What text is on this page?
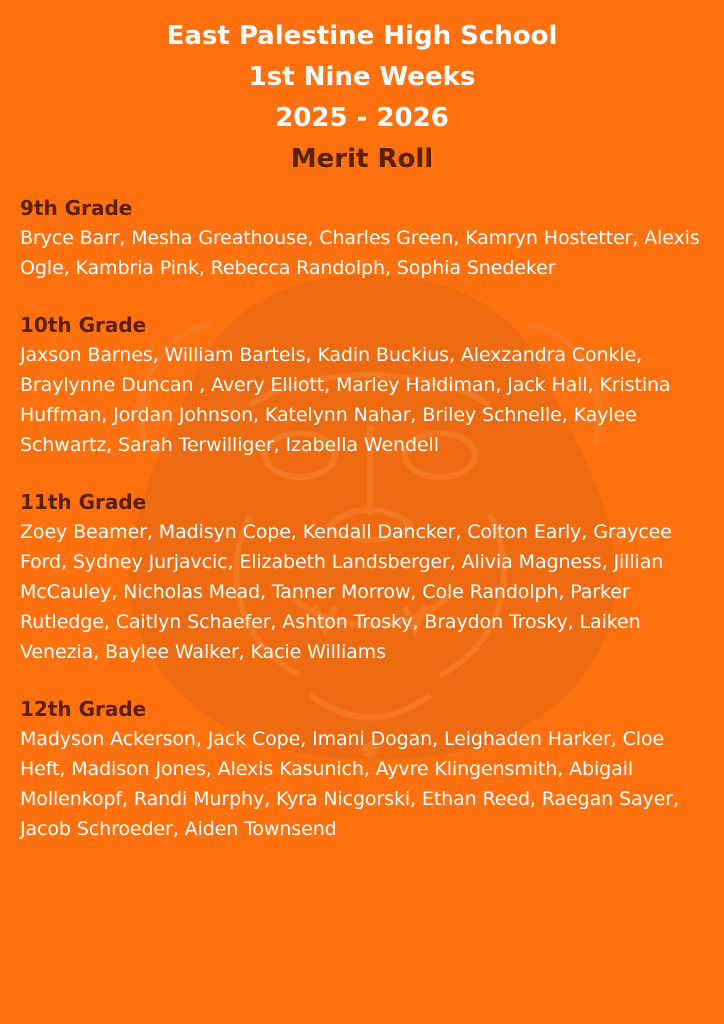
East Palestine High School
1st Nine Weeks
2025 - 2026
Merit Roll

9th Grade

Bryce Barr, Mesha Greathouse, Charles Green, Kamryn Hostetter, Alexis Ogle, Kambria Pink, Rebecca Randolph, Sophia Snedeker

10th Grade

Jaxson Barnes, William Bartels, Kadin Buckius, Alexzandra Conkle, Braylynne Duncan , Avery Elliott, Marley Haldiman, Jack Hall, Kristina Huffman, Jordan Johnson, Katelynn Nahar, Briley Schnelle, Kaylee Schwartz, Sarah Terwilliger, Izabella Wendell

11th Grade

Zoey Beamer, Madisyn Cope, Kendall Dancker, Colton Early, Graycee Ford, Sydney Jurjavcic, Elizabeth Landsberger, Alivia Magness, Jillian McCauley, Nicholas Mead, Tanner Morrow, Cole Randolph, Parker Rutledge, Caitlyn Schaefer, Ashton Trosky, Braydon Trosky, Laiken Venezia, Baylee Walker, Kacie Williams

12th Grade

Madyson Ackerson, Jack Cope, Imani Dogan, Leighaden Harker, Cloe Heft, Madison Jones, Alexis Kasunich, Ayvre Klingensmith, Abigail Mollenkopf, Randi Murphy, Kyra Nicgorski, Ethan Reed, Raegan Sayer, Jacob Schroeder, Aiden Townsend
